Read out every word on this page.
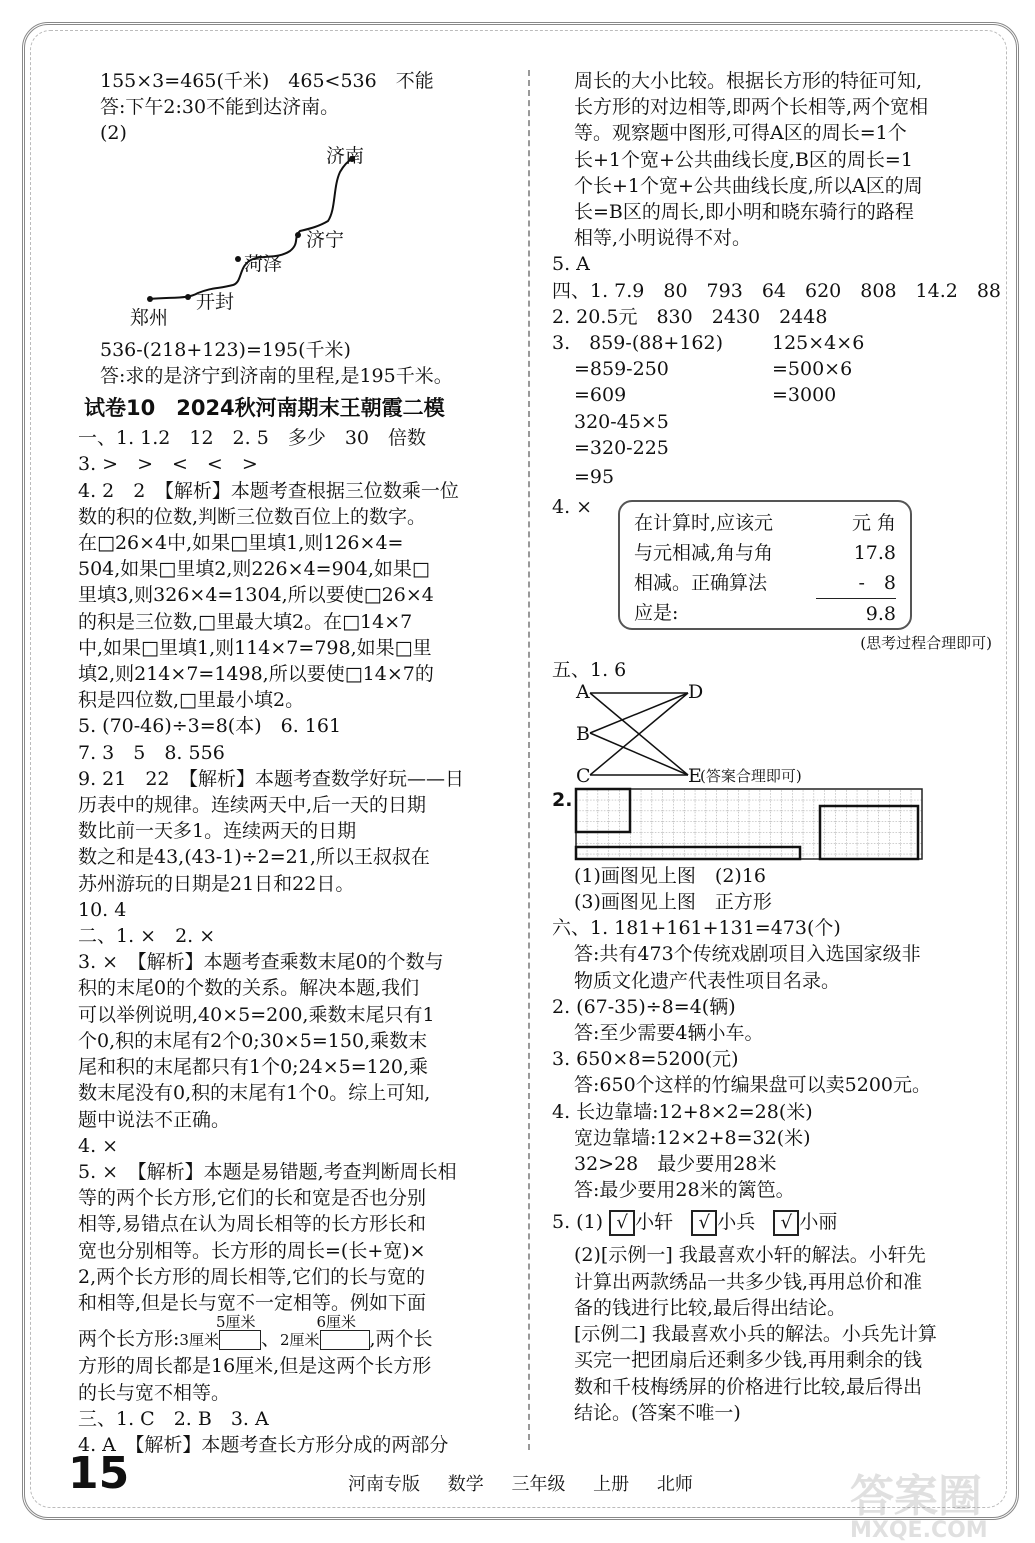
155×3=465(千米)　465<536　不能
答:下午2:30不能到达济南。
(2)
济南
济宁
菏泽
开封
郑州
536-(218+123)=195(千米)
答:求的是济宁到济南的里程,是195千米。
试卷10　2024秋河南期末王朝霞二模
一、1. 1.2　12　2. 5　多少　30　倍数
3. >　>　<　<　>
4. 2　2　【解析】本题考查根据三位数乘一位
数的积的位数,判断三位数百位上的数字。
在□26×4中,如果□里填1,则126×4=
504,如果□里填2,则226×4=904,如果□
里填3,则326×4=1304,所以要使□26×4
的积是三位数,□里最大填2。在□14×7
中,如果□里填1,则114×7=798,如果□里
填2,则214×7=1498,所以要使□14×7的
积是四位数,□里最小填2。
5. (70-46)÷3=8(本)　6. 161
7. 3　5　8. 556
9. 21　22　【解析】本题考查数学好玩——日
历表中的规律。连续两天中,后一天的日期
数比前一天多1。连续两天的日期
数之和是43,(43-1)÷2=21,所以王叔叔在
苏州游玩的日期是21日和22日。
10. 4
二、1. ×　2. ×
3. ×　【解析】本题考查乘数末尾0的个数与
积的末尾0的个数的关系。解决本题,我们
可以举例说明,40×5=200,乘数末尾只有1
个0,积的末尾有2个0;30×5=150,乘数末
尾和积的末尾都只有1个0;24×5=120,乘
数末尾没有0,积的末尾有1个0。综上可知,
题中说法不正确。
4. ×
5. ×　【解析】本题是易错题,考查判断周长相
等的两个长方形,它们的长和宽是否也分别
相等,易错点在认为周长相等的长方形长和
宽也分别相等。长方形的周长=(长+宽)×
2,两个长方形的周长相等,它们的长与宽的
和相等,但是长与宽不一定相等。例如下面
两个长方形:3厘米
5厘米
、2厘米
6厘米
,两个长
方形的周长都是16厘米,但是这两个长方形
的长与宽不相等。
三、1. C　2. B　3. A
4. A　【解析】本题考查长方形分成的两部分
周长的大小比较。根据长方形的特征可知,
长方形的对边相等,即两个长相等,两个宽相
等。观察题中图形,可得A区的周长=1个
长+1个宽+公共曲线长度,B区的周长=1
个长+1个宽+公共曲线长度,所以A区的周
长=B区的周长,即小明和晓东骑行的路程
相等,小明说得不对。
5. A
四、1. 7.9　80　793　64　620　808　14.2　88
2. 20.5元　830　2430　2448
3.　859-(88+162)
=859-250
=609
320-45×5
=320-225
125×4×6
=500×6
=3000
=95
4. ×
在计算时,应该元
与元相减,角与角
相减。正确算法
应是:
元 角
17.8
-　8
9.8
(思考过程合理即可)
五、1. 6
A
B
C
D
E
(答案合理即可)
2.
(1)画图见上图　(2)16
(3)画图见上图　正方形
六、1. 181+161+131=473(个)
答:共有473个传统戏剧项目入选国家级非
物质文化遗产代表性项目名录。
2. (67-35)÷8=4(辆)
答:至少需要4辆小车。
3. 650×8=5200(元)
答:650个这样的竹编果盘可以卖5200元。
4. 长边靠墙:12+8×2=28(米)
宽边靠墙:12×2+8=32(米)
32>28　最少要用28米
答:最少要用28米的篱笆。
5. (1) √ 小轩 √ 小兵 √ 小丽
(2)[示例一] 我最喜欢小轩的解法。小轩先
计算出两款绣品一共多少钱,再用总价和准
备的钱进行比较,最后得出结论。
[示例二] 我最喜欢小兵的解法。小兵先计算
买完一把团扇后还剩多少钱,再用剩余的钱
数和千枝梅绣屏的价格进行比较,最后得出
结论。(答案不唯一)
15	河南专版 数学 三年级 上册 北师	答案圈
MXQE.COM
